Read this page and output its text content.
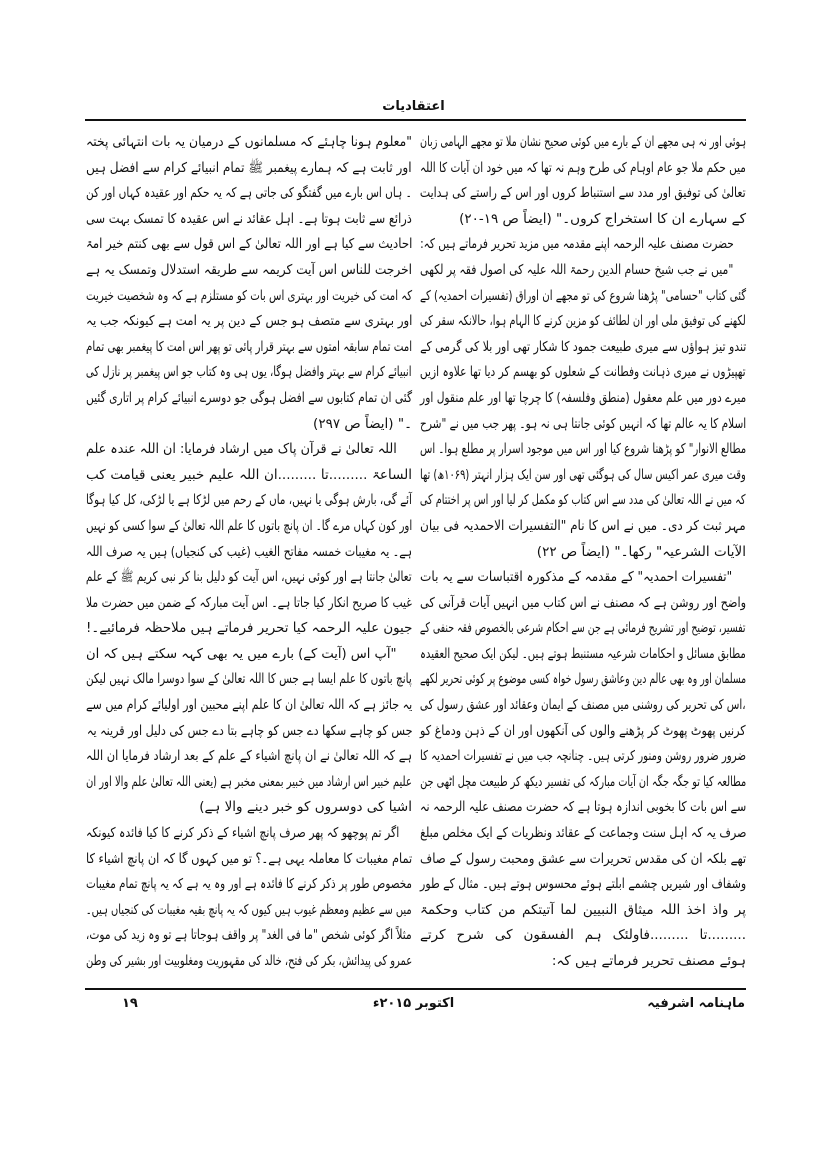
اعتقادیات
ہوئی اور نہ ہی مجھے ان کے بارے میں کوئی صحیح نشان ملا تو مجھے الہامی زبان
میں حکم ملا جو عام اوہام کی طرح وہم نہ تھا کہ میں خود ان آیات کا اللہ
تعالیٰ کی توفیق اور مدد سے استنباط کروں اور اس کے راستے کی ہدایت
کے سہارے ان کا استخراج کروں۔" (ایضاً ص ۱۹-۲۰)
حضرت مصنف علیہ الرحمہ اپنے مقدمہ میں مزید تحریر فرماتے ہیں کہ:
"میں نے جب شیخ حسام الدین رحمۃ اللہ علیہ کی اصول فقہ پر لکھی
گئی کتاب "حسامی" پڑھنا شروع کی تو مجھے ان اوراق (تفسیرات احمدیہ) کے
لکھنے کی توفیق ملی اور ان لطائف کو مزین کرنے کا الہام ہوا، حالانکہ سقر کی
تندو تیز ہواؤں سے میری طبیعت جمود کا شکار تھی اور بلا کی گرمی کے
تھپیڑوں نے میری ذہانت وفطانت کے شعلوں کو بھسم کر دیا تھا علاوہ ازیں
میرے دور میں علم معقول (منطق وفلسفہ) کا چرچا تھا اور علم منقول اور
اسلام کا یہ عالم تھا کہ انہیں کوئی جانتا ہی نہ ہو۔ پھر جب میں نے "شرح
مطالع الانوار" کو پڑھنا شروع کیا اور اس میں موجود اسرار پر مطلع ہوا۔ اس
وقت میری عمر اکیس سال کی ہوگئی تھی اور سن ایک ہزار انہتر (۱۰۶۹ھ) تھا
کہ میں نے اللہ تعالیٰ کی مدد سے اس کتاب کو مکمل کر لیا اور اس پر اختتام کی
مہر ثبت کر دی۔ میں نے اس کا نام "التفسیرات الاحمدیہ فی بیان
الآیات الشرعیہ" رکھا۔" (ایضاً ص ۲۲)
"تفسیرات احمدیہ" کے مقدمہ کے مذکورہ اقتباسات سے یہ بات
واضح اور روشن ہے کہ مصنف نے اس کتاب میں انہیں آیات قرآنی کی
تفسیر، توضیح اور تشریح فرمائی ہے جن سے احکام شرعی بالخصوص فقہ حنفی کے
مطابق مسائل و احکامات شرعیہ مستنبط ہوتے ہیں۔ لیکن ایک صحیح العقیدہ
مسلمان اور وہ بھی عالم دین وعاشق رسول خواہ کسی موضوع پر کوئی تحریر لکھے
،اس کی تحریر کی روشنی میں مصنف کے ایمان وعقائد اور عشق رسول کی
کرنیں پھوٹ پھوٹ کر پڑھنے والوں کی آنکھوں اور ان کے ذہن ودماغ کو
ضرور ضرور روشن ومنور کرتی ہیں۔ چنانچہ جب میں نے تفسیرات احمدیہ کا
مطالعہ کیا تو جگہ جگہ ان آیات مبارکہ کی تفسیر دیکھ کر طبیعت مچل اٹھی جن
سے اس بات کا بخوبی اندازہ ہوتا ہے کہ حضرت مصنف علیہ الرحمہ نہ
صرف یہ کہ اہل سنت وجماعت کے عقائد ونظریات کے ایک مخلص مبلغ
تھے بلکہ ان کی مقدس تحریرات سے عشق ومحبت رسول کے صاف
وشفاف اور شیریں چشمے ابلتے ہوئے محسوس ہوتے ہیں۔ مثال کے طور
پر واذ اخذ اللہ میثاق النبیین لما آتیتکم من کتاب وحکمۃ
.........تا .........فاولئک ہم الفسقون کی شرح کرتے
ہوئے مصنف تحریر فرماتے ہیں کہ:
"معلوم ہونا چاہئے کہ مسلمانوں کے درمیان یہ بات انتہائی پختہ
اور ثابت ہے کہ ہمارے پیغمبر ﷺ تمام انبیائے کرام سے افضل ہیں
۔ ہاں اس بارے میں گفتگو کی جاتی ہے کہ یہ حکم اور عقیدہ کہاں اور کن
ذرائع سے ثابت ہوتا ہے۔ اہل عقائد نے اس عقیدہ کا تمسک بہت سی
احادیث سے کیا ہے اور اللہ تعالیٰ کے اس قول سے بھی کنتم خیر امۃ
اخرجت للناس اس آیت کریمہ سے طریقہ استدلال وتمسک یہ ہے
کہ امت کی خیریت اور بہتری اس بات کو مستلزم ہے کہ وہ شخصیت خیریت
اور بہتری سے متصف ہو جس کے دین پر یہ امت ہے کیونکہ جب یہ
امت تمام سابقہ امتوں سے بہتر قرار پائی تو پھر اس امت کا پیغمبر بھی تمام
انبیائے کرام سے بہتر وافضل ہوگا، یوں ہی وہ کتاب جو اس پیغمبر پر نازل کی
گئی ان تمام کتابوں سے افضل ہوگی جو دوسرے انبیائے کرام پر اتاری گئیں
۔" (ایضاً ص ۲۹۷)
اللہ تعالیٰ نے قرآن پاک میں ارشاد فرمایا: ان اللہ عندہ علم
الساعۃ .........تا .........ان اللہ علیم خبیر یعنی قیامت کب
آئے گی، بارش ہوگی یا نہیں، ماں کے رحم میں لڑکا ہے یا لڑکی، کل کیا ہوگا
اور کون کہاں مرے گا۔ ان پانچ باتوں کا علم اللہ تعالیٰ کے سوا کسی کو نہیں
ہے۔ یہ مغیبات خمسہ مفاتح الغیب (غیب کی کنجیاں) ہیں یہ صرف اللہ
تعالیٰ جانتا ہے اور کوئی نہیں، اس آیت کو دلیل بنا کر نبی کریم ﷺ کے علم
غیب کا صریح انکار کیا جاتا ہے۔ اس آیت مبارکہ کے ضمن میں حضرت ملا
جیون علیہ الرحمہ کیا تحریر فرماتے ہیں ملاحظہ فرمائیے۔!
"آپ اس (آیت کے) بارے میں یہ بھی کہہ سکتے ہیں کہ ان
پانچ باتوں کا علم ایسا ہے جس کا اللہ تعالیٰ کے سوا دوسرا مالک نہیں لیکن
یہ جائز ہے کہ اللہ تعالیٰ ان کا علم اپنے محبین اور اولیائے کرام میں سے
جس کو چاہے سکھا دے جس کو چاہے بتا دے جس کی دلیل اور قرینہ یہ
ہے کہ اللہ تعالیٰ نے ان پانچ اشیاء کے علم کے بعد ارشاد فرمایا ان اللہ
علیم خبیر اس ارشاد میں خبیر بمعنی مخبر ہے (یعنی اللہ تعالیٰ علم والا اور ان
اشیا کی دوسروں کو خبر دینے والا ہے)
اگر تم پوچھو کہ پھر صرف پانچ اشیاء کے ذکر کرنے کا کیا فائدہ کیونکہ
تمام مغیبات کا معاملہ یہی ہے۔؟ تو میں کہوں گا کہ ان پانچ اشیاء کا
مخصوص طور پر ذکر کرنے کا فائدہ ہے اور وہ یہ ہے کہ یہ پانچ تمام مغیبات
میں سے عظیم ومعظم غیوب ہیں کیوں کہ یہ پانچ بقیہ مغیبات کی کنجیاں ہیں۔
مثلاً اگر کوئی شخص "ما فی الغد" پر واقف ہوجاتا ہے تو وہ زید کی موت،
عمرو کی پیدائش، بکر کی فتح، خالد کی مقہوریت ومغلوبیت اور بشیر کی وطن
ماہنامہ اشرفیہ
اکتوبر ۲۰۱۵ء
۱۹
